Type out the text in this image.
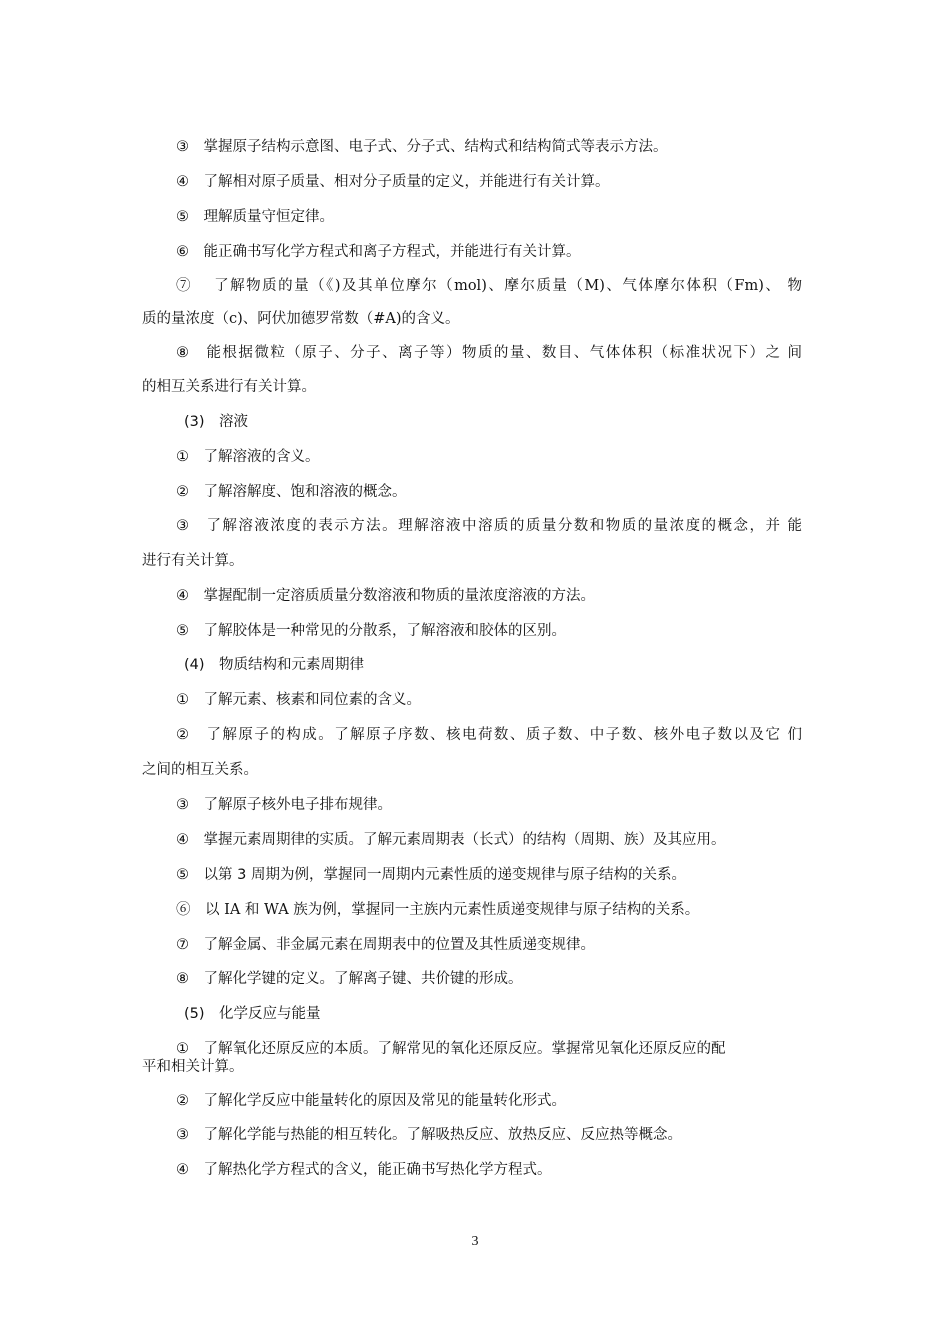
③　掌握原子结构示意图、电子式、分子式、结构式和结构简式等表示方法。
④　了解相对原子质量、相对分子质量的定义，并能进行有关计算。
⑤　理解质量守恒定律。
⑥　能正确书写化学方程式和离子方程式，并能进行有关计算。
⑦　 了解物质的量（《)及其单位摩尔（mol)、摩尔质量（M)、气体摩尔体积（Fm)、 物
质的量浓度（c)、阿伏加德罗常数（#A)的含义。
⑧　能根据微粒（原子、分子、离子等）物质的量、数目、气体体积（标准状况下）之 间
的相互关系进行有关计算。
(3)　溶液
①　了解溶液的含义。
②　了解溶解度、饱和溶液的概念。
③　了解溶液浓度的表示方法。理解溶液中溶质的质量分数和物质的量浓度的概念，并 能
进行有关计算。
④　掌握配制一定溶质质量分数溶液和物质的量浓度溶液的方法。
⑤　了解胶体是一种常见的分散系，了解溶液和胶体的区别。
(4)　物质结构和元素周期律
①　了解元素、核素和同位素的含义。
②　了解原子的构成。了解原子序数、核电荷数、质子数、中子数、核外电子数以及它 们
之间的相互关系。
③　了解原子核外电子排布规律。
④　掌握元素周期律的实质。了解元素周期表（长式）的结构（周期、族）及其应用。
⑤　以第 3 周期为例，掌握同一周期内元素性质的递变规律与原子结构的关系。
⑥　以 IA 和 WA 族为例，掌握同一主族内元素性质递变规律与原子结构的关系。
⑦　了解金属、非金属元素在周期表中的位置及其性质递变规律。
⑧　了解化学键的定义。了解离子键、共价键的形成。
(5)　化学反应与能量
①　了解氧化还原反应的本质。了解常见的氧化还原反应。掌握常见氧化还原反应的配
平和相关计算。
②　了解化学反应中能量转化的原因及常见的能量转化形式。
③　了解化学能与热能的相互转化。了解吸热反应、放热反应、反应热等概念。
④　了解热化学方程式的含义，能正确书写热化学方程式。
3
